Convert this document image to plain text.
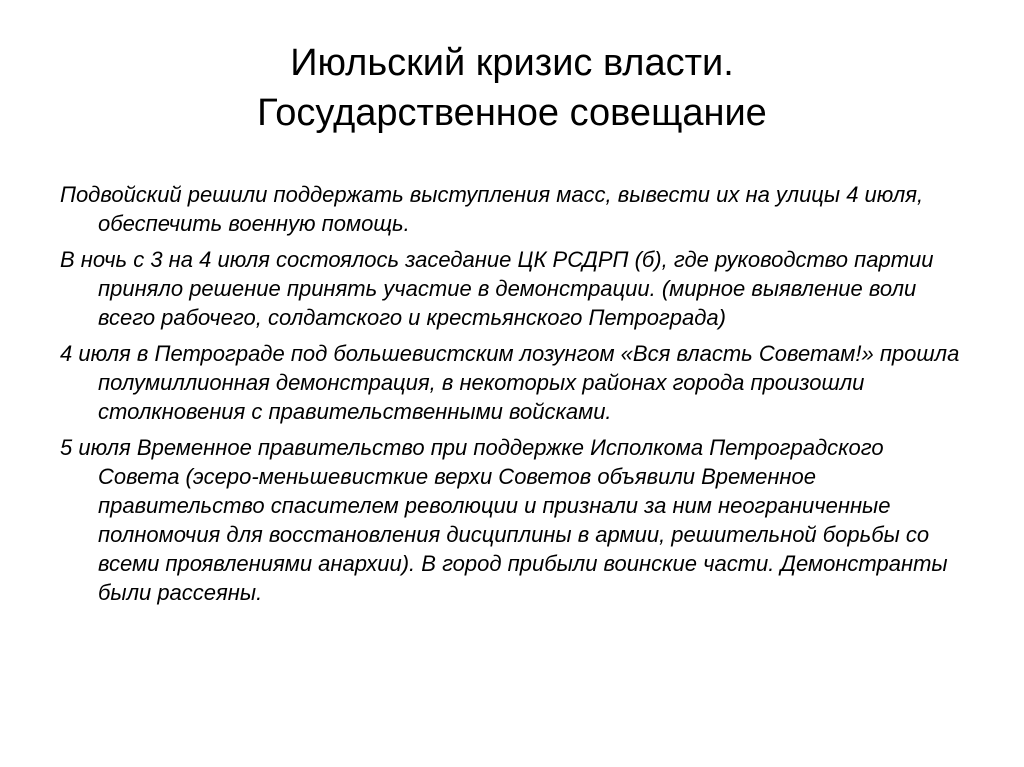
Июльский кризис власти.
Государственное совещание

Подвойский решили поддержать выступления масс, вывести их на улицы 4 июля, обеспечить военную помощь.

В ночь с 3 на 4 июля состоялось заседание ЦК РСДРП (б), где руководство партии приняло решение принять участие в демонстрации. (мирное выявление воли всего рабочего, солдатского и крестьянского Петрограда)

4 июля в Петрограде под большевистским лозунгом «Вся власть Советам!» прошла полумиллионная демонстрация, в некоторых районах города произошли столкновения с правительственными войсками.

5 июля Временное правительство при поддержке Исполкома Петроградского Совета (эсеро-меньшевисткие верхи Советов объявили Временное правительство спасителем революции и признали за ним неограниченные полномочия для восстановления дисциплины в армии, решительной борьбы со всеми проявлениями анархии). В город прибыли воинские части. Демонстранты были рассеяны.
